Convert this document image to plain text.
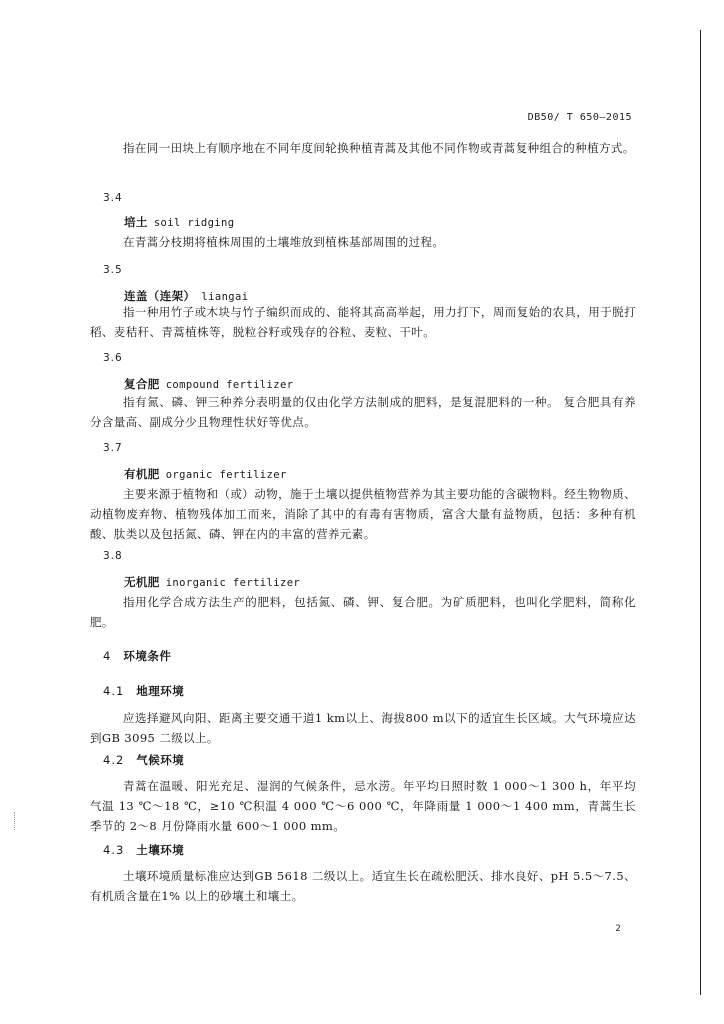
DB50/ T 650—2015

指在同一田块上有顺序地在不同年度间轮换种植青蒿及其他不同作物或青蒿复种组合的种植方式。

3.4
培土 soil ridging

在青蒿分枝期将植株周围的土壤堆放到植株基部周围的过程。

3.5
连盖（连架） liangai

指一种用竹子或木块与竹子编织而成的、能将其高高举起，用力打下，周而复始的农具，用于脱打稻、麦秸秆、青蒿植株等，脱粒谷籽或残存的谷粒、麦粒、干叶。

3.6
复合肥 compound fertilizer

指有氮、磷、钾三种养分表明量的仅由化学方法制成的肥料，是复混肥料的一种。 复合肥具有养分含量高、副成分少且物理性状好等优点。

3.7
有机肥 organic fertilizer

主要来源于植物和（或）动物，施于土壤以提供植物营养为其主要功能的含碳物料。经生物物质、动植物废弃物、植物残体加工而来，消除了其中的有毒有害物质，富含大量有益物质，包括：多种有机酸、肽类以及包括氮、磷、钾在内的丰富的营养元素。

3.8
无机肥 inorganic fertilizer

指用化学合成方法生产的肥料，包括氮、磷、钾、复合肥。为矿质肥料，也叫化学肥料，简称化肥。

4 环境条件
4.1 地理环境

应选择避风向阳、距离主要交通干道1 km以上、海拔800 m以下的适宜生长区域。大气环境应达到GB 3095 二级以上。

4.2 气候环境

青蒿在温暖、阳光充足、湿润的气候条件，忌水涝。年平均日照时数 1 000～1 300 h，年平均气温 13 ℃～18 ℃，≥10 ℃积温 4 000 ℃～6 000 ℃，年降雨量 1 000～1 400 mm，青蒿生长季节的 2～8 月份降雨水量 600～1 000 mm。

4.3 土壤环境

土壤环境质量标准应达到GB 5618 二级以上。适宜生长在疏松肥沃、排水良好、pH 5.5～7.5、有机质含量在1% 以上的砂壤土和壤土。

2
